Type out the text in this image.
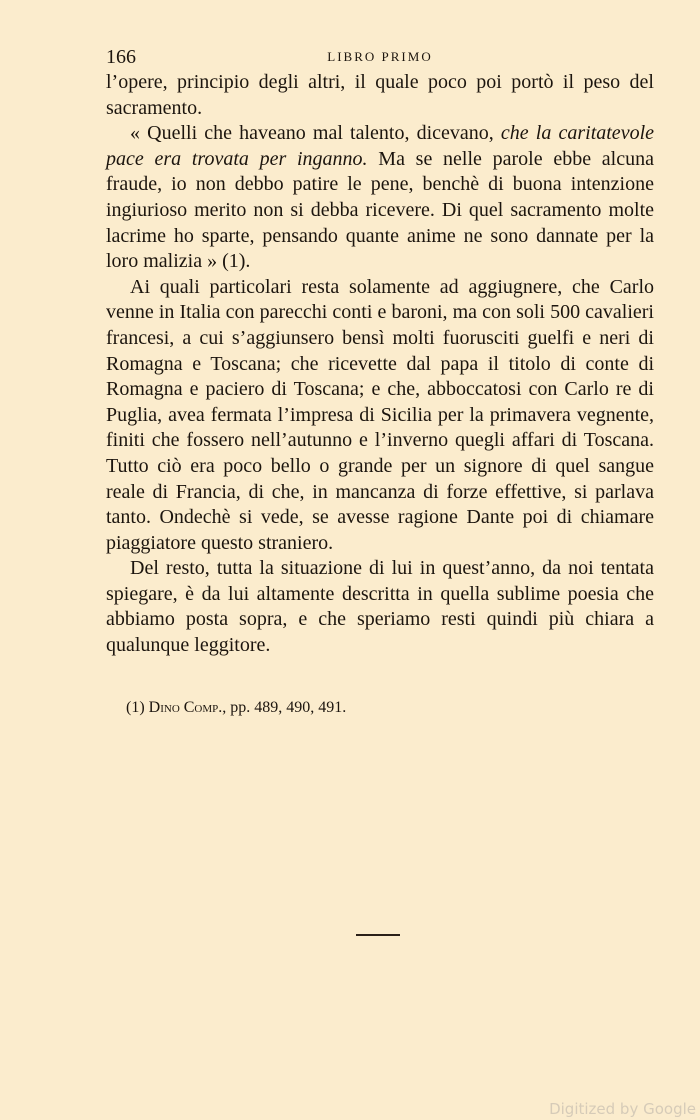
166	LIBRO PRIMO

l’opere, principio degli altri, il quale poco poi portò il peso del sacramento.

« Quelli che haveano mal talento, dicevano, che la caritatevole pace era trovata per inganno. Ma se nelle parole ebbe alcuna fraude, io non debbo patire le pene, benchè di buona intenzione ingiurioso merito non si debba ricevere. Di quel sacramento molte lacrime ho sparte, pensando quante anime ne sono dannate per la loro malizia » (1).

Ai quali particolari resta solamente ad aggiugnere, che Carlo venne in Italia con parecchi conti e baroni, ma con soli 500 cavalieri francesi, a cui s’aggiunsero bensì molti fuorusciti guelfi e neri di Romagna e Toscana; che ricevette dal papa il titolo di conte di Romagna e paciero di Toscana; e che, abboccatosi con Carlo re di Puglia, avea fermata l’impresa di Sicilia per la primavera vegnente, finiti che fossero nell’autunno e l’inverno quegli affari di Toscana. Tutto ciò era poco bello o grande per un signore di quel sangue reale di Francia, di che, in mancanza di forze effettive, si parlava tanto. Ondechè si vede, se avesse ragione Dante poi di chiamare piaggiatore questo straniero.

Del resto, tutta la situazione di lui in quest’anno, da noi tentata spiegare, è da lui altamente descritta in quella sublime poesia che abbiamo posta sopra, e che speriamo resti quindi più chiara a qualunque leggitore.

(1) Dino Comp., pp. 489, 490, 491.
Digitized by Google
